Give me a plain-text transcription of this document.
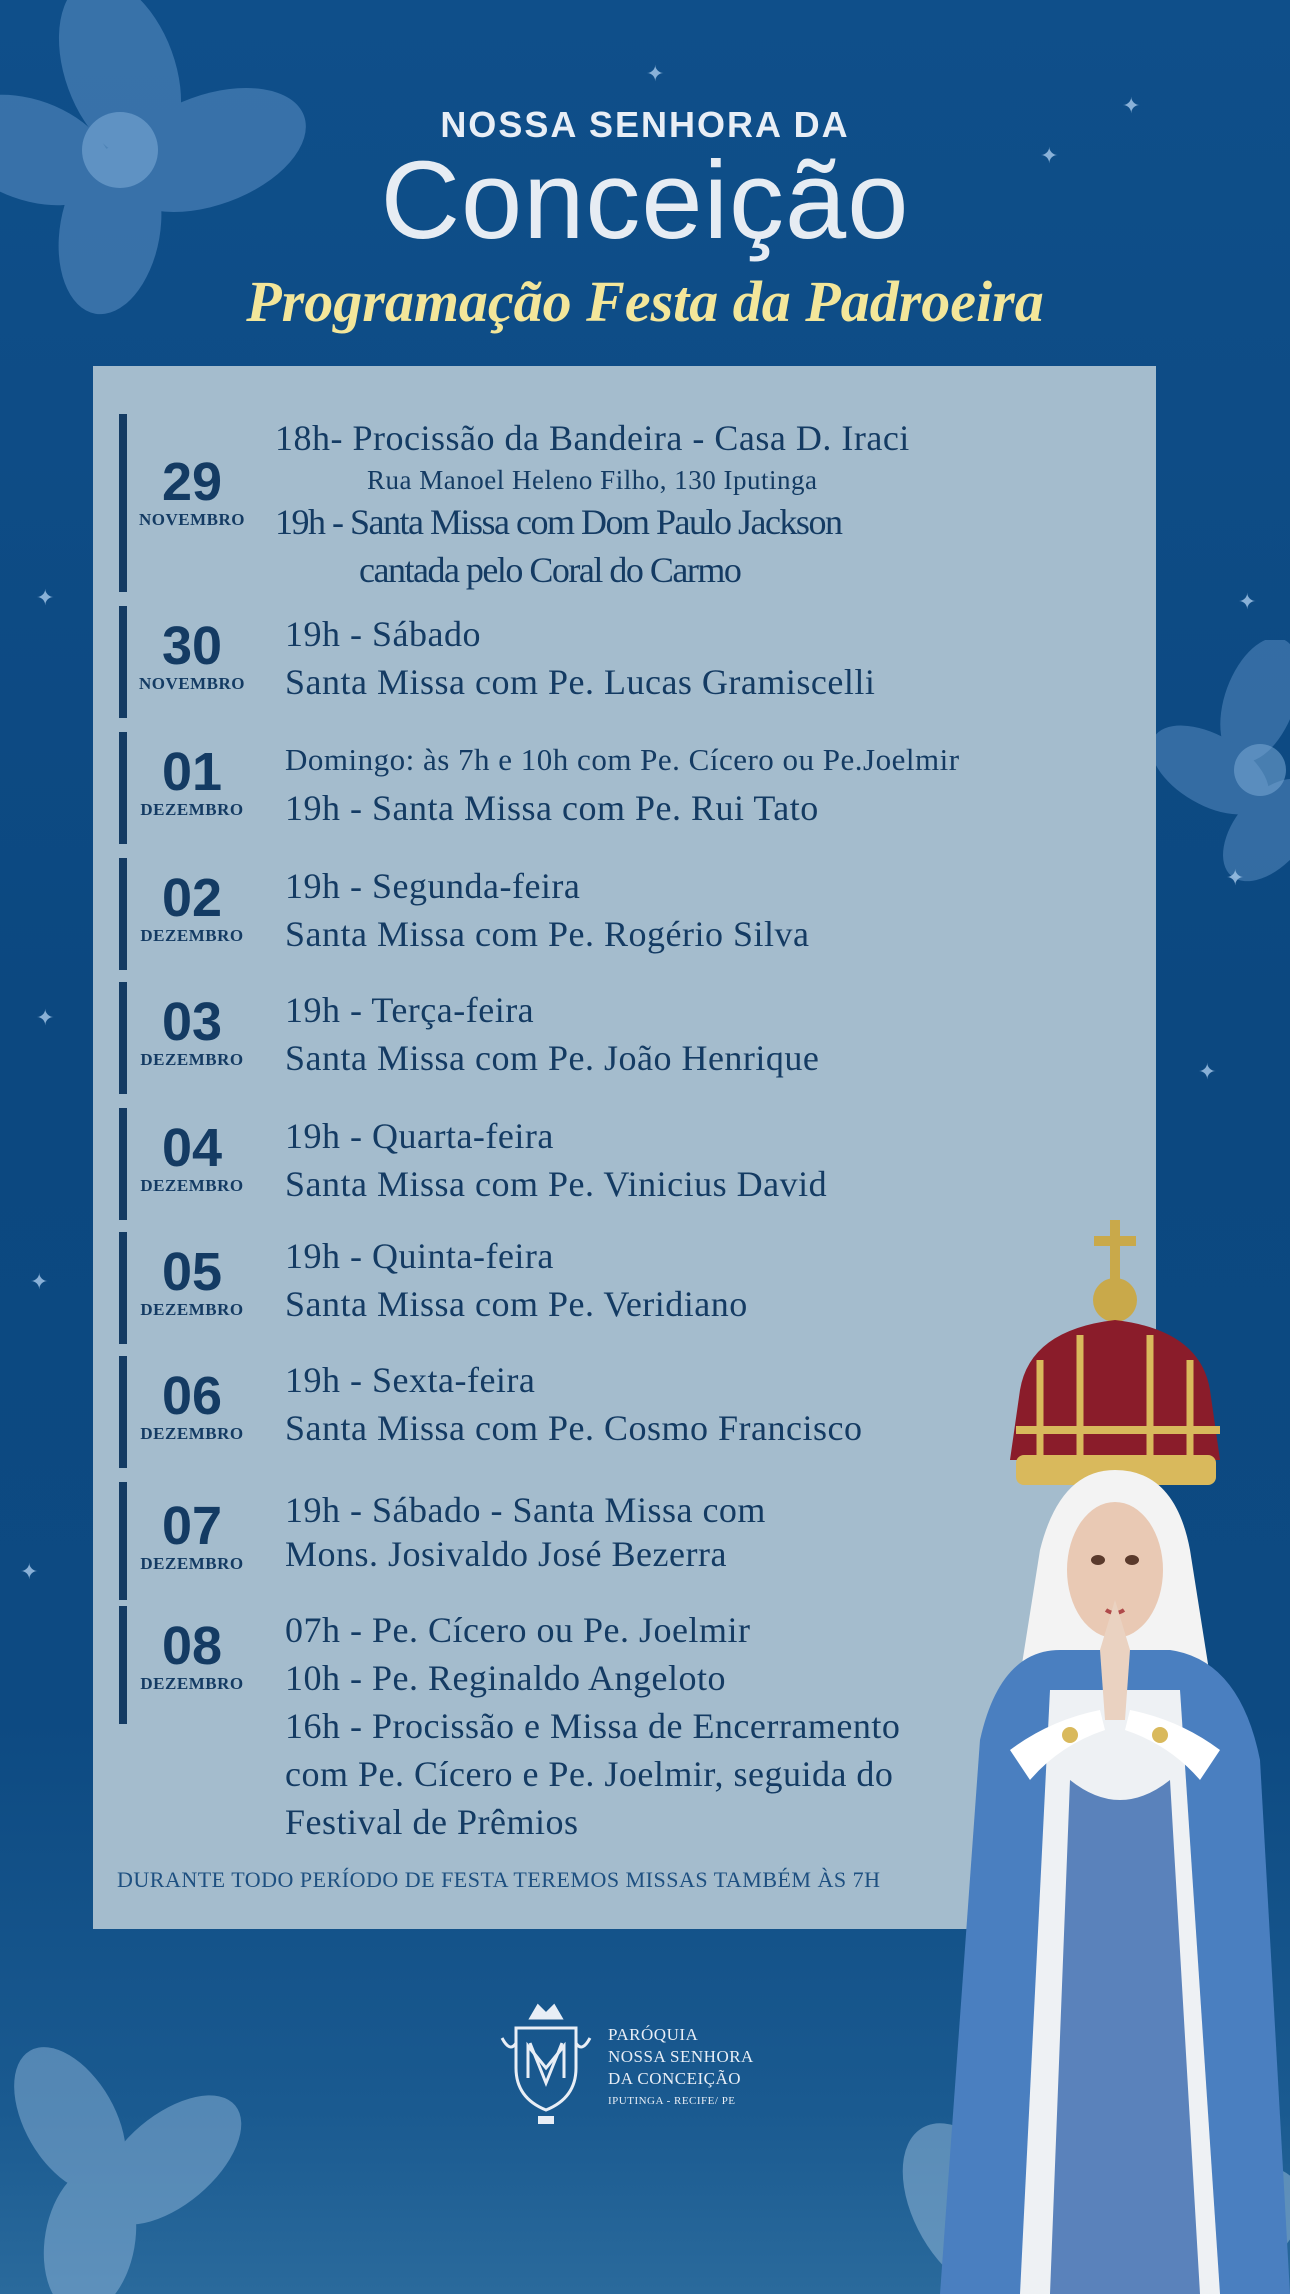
✦
✦
✦
✦	✦
✦
✦
✦
✦
✦
NOSSA SENHORA DA
Conceição
Programação Festa da Padroeira
29
NOVEMBRO
18h- Procissão da Bandeira - Casa D. Iraci
Rua Manoel Heleno Filho, 130 Iputinga
19h - Santa Missa com Dom Paulo Jackson
cantada pelo Coral do Carmo
30
NOVEMBRO
19h - Sábado
Santa Missa com Pe. Lucas Gramiscelli
01
DEZEMBRO
Domingo: às 7h e 10h com Pe. Cícero ou Pe.Joelmir
19h - Santa Missa com Pe. Rui Tato
02
DEZEMBRO
19h - Segunda-feira
Santa Missa com Pe. Rogério Silva
03
DEZEMBRO
19h - Terça-feira
Santa Missa com Pe. João Henrique
04
DEZEMBRO
19h - Quarta-feira
Santa Missa com Pe. Vinicius David
05
DEZEMBRO
19h - Quinta-feira
Santa Missa com Pe. Veridiano
06
DEZEMBRO
19h - Sexta-feira
Santa Missa com Pe. Cosmo Francisco
07
DEZEMBRO
19h - Sábado - Santa Missa com
Mons. Josivaldo José Bezerra
08
DEZEMBRO
07h - Pe. Cícero ou Pe. Joelmir
10h - Pe. Reginaldo Angeloto
16h - Procissão e Missa de Encerramento
com Pe. Cícero e Pe. Joelmir, seguida do
Festival de Prêmios
DURANTE TODO PERÍODO DE FESTA TEREMOS MISSAS TAMBÉM ÀS 7H
PARÓQUIA
NOSSA SENHORA
DA CONCEIÇÃO
IPUTINGA - RECIFE/ PE
